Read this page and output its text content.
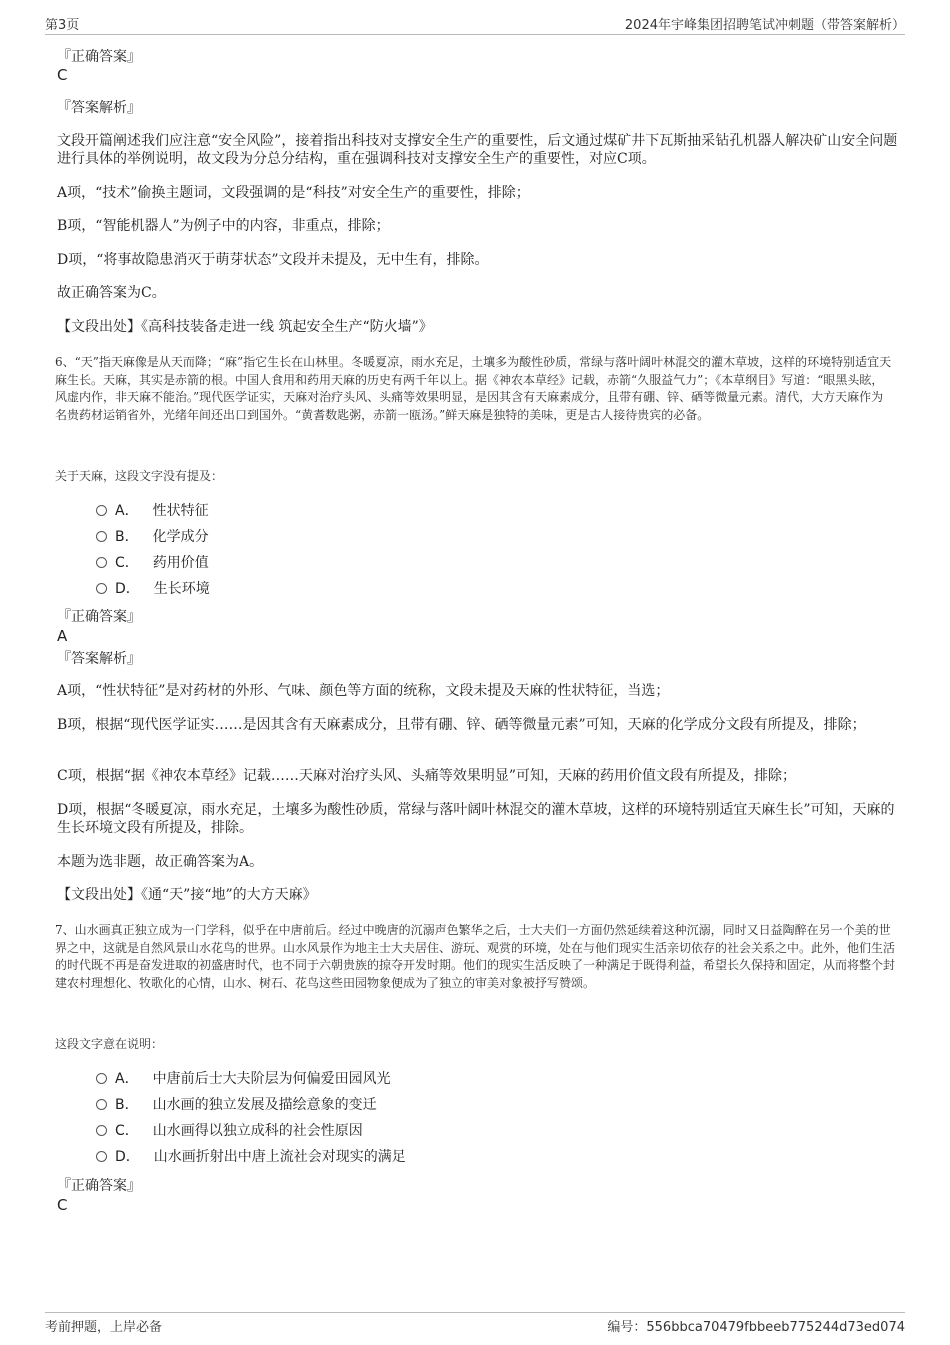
第3页	2024年宇峰集团招聘笔试冲刺题（带答案解析）
『正确答案』
C
『答案解析』
文段开篇阐述我们应注意“安全风险”，接着指出科技对支撑安全生产的重要性，后文通过煤矿井下瓦斯抽采钻孔机器人解决矿山安全问题进行具体的举例说明，故文段为分总分结构，重在强调科技对支撑安全生产的重要性，对应C项。
A项，“技术”偷换主题词，文段强调的是“科技”对安全生产的重要性，排除；
B项，“智能机器人”为例子中的内容，非重点，排除；
D项，“将事故隐患消灭于萌芽状态”文段并未提及，无中生有，排除。
故正确答案为C。
【文段出处】《高科技装备走进一线 筑起安全生产“防火墙”》
6、“天”指天麻像是从天而降；“麻”指它生长在山林里。冬暖夏凉，雨水充足，土壤多为酸性砂质，常绿与落叶阔叶林混交的灌木草坡，这样的环境特别适宜天麻生长。天麻，其实是赤箭的根。中国人食用和药用天麻的历史有两千年以上。据《神农本草经》记载，赤箭“久服益气力”；《本草纲目》写道：“眼黑头眩，风虚内作，非天麻不能治。”现代医学证实，天麻对治疗头风、头痛等效果明显，是因其含有天麻素成分，且带有硼、锌、硒等微量元素。清代，大方天麻作为名贵药材运销省外，光绪年间还出口到国外。“黄耆数匙粥，赤箭一瓯汤。”鲜天麻是独特的美味，更是古人接待贵宾的必备。
关于天麻，这段文字没有提及：
A． 性状特征
B． 化学成分
C． 药用价值
D． 生长环境
『正确答案』
A
『答案解析』
A项，“性状特征”是对药材的外形、气味、颜色等方面的统称，文段未提及天麻的性状特征，当选；
B项，根据“现代医学证实……是因其含有天麻素成分，且带有硼、锌、硒等微量元素”可知，天麻的化学成分文段有所提及，排除；
C项，根据“据《神农本草经》记载……天麻对治疗头风、头痛等效果明显”可知，天麻的药用价值文段有所提及，排除；
D项，根据“冬暖夏凉，雨水充足，土壤多为酸性砂质，常绿与落叶阔叶林混交的灌木草坡，这样的环境特别适宜天麻生长”可知，天麻的生长环境文段有所提及，排除。
本题为选非题，故正确答案为A。
【文段出处】《通“天”接“地”的大方天麻》
7、山水画真正独立成为一门学科，似乎在中唐前后。经过中晚唐的沉溺声色繁华之后，士大夫们一方面仍然延续着这种沉溺，同时又日益陶醉在另一个美的世界之中，这就是自然风景山水花鸟的世界。山水风景作为地主士大夫居住、游玩、观赏的环境，处在与他们现实生活亲切依存的社会关系之中。此外，他们生活的时代既不再是奋发进取的初盛唐时代，也不同于六朝贵族的掠夺开发时期。他们的现实生活反映了一种满足于既得利益，希望长久保持和固定，从而将整个封建农村理想化、牧歌化的心情，山水、树石、花鸟这些田园物象便成为了独立的审美对象被抒写赞颂。
这段文字意在说明：
A． 中唐前后士大夫阶层为何偏爱田园风光
B． 山水画的独立发展及描绘意象的变迁
C． 山水画得以独立成科的社会性原因
D． 山水画折射出中唐上流社会对现实的满足
『正确答案』
C
考前押题，上岸必备	编号：556bbca70479fbbeeb775244d73ed074
